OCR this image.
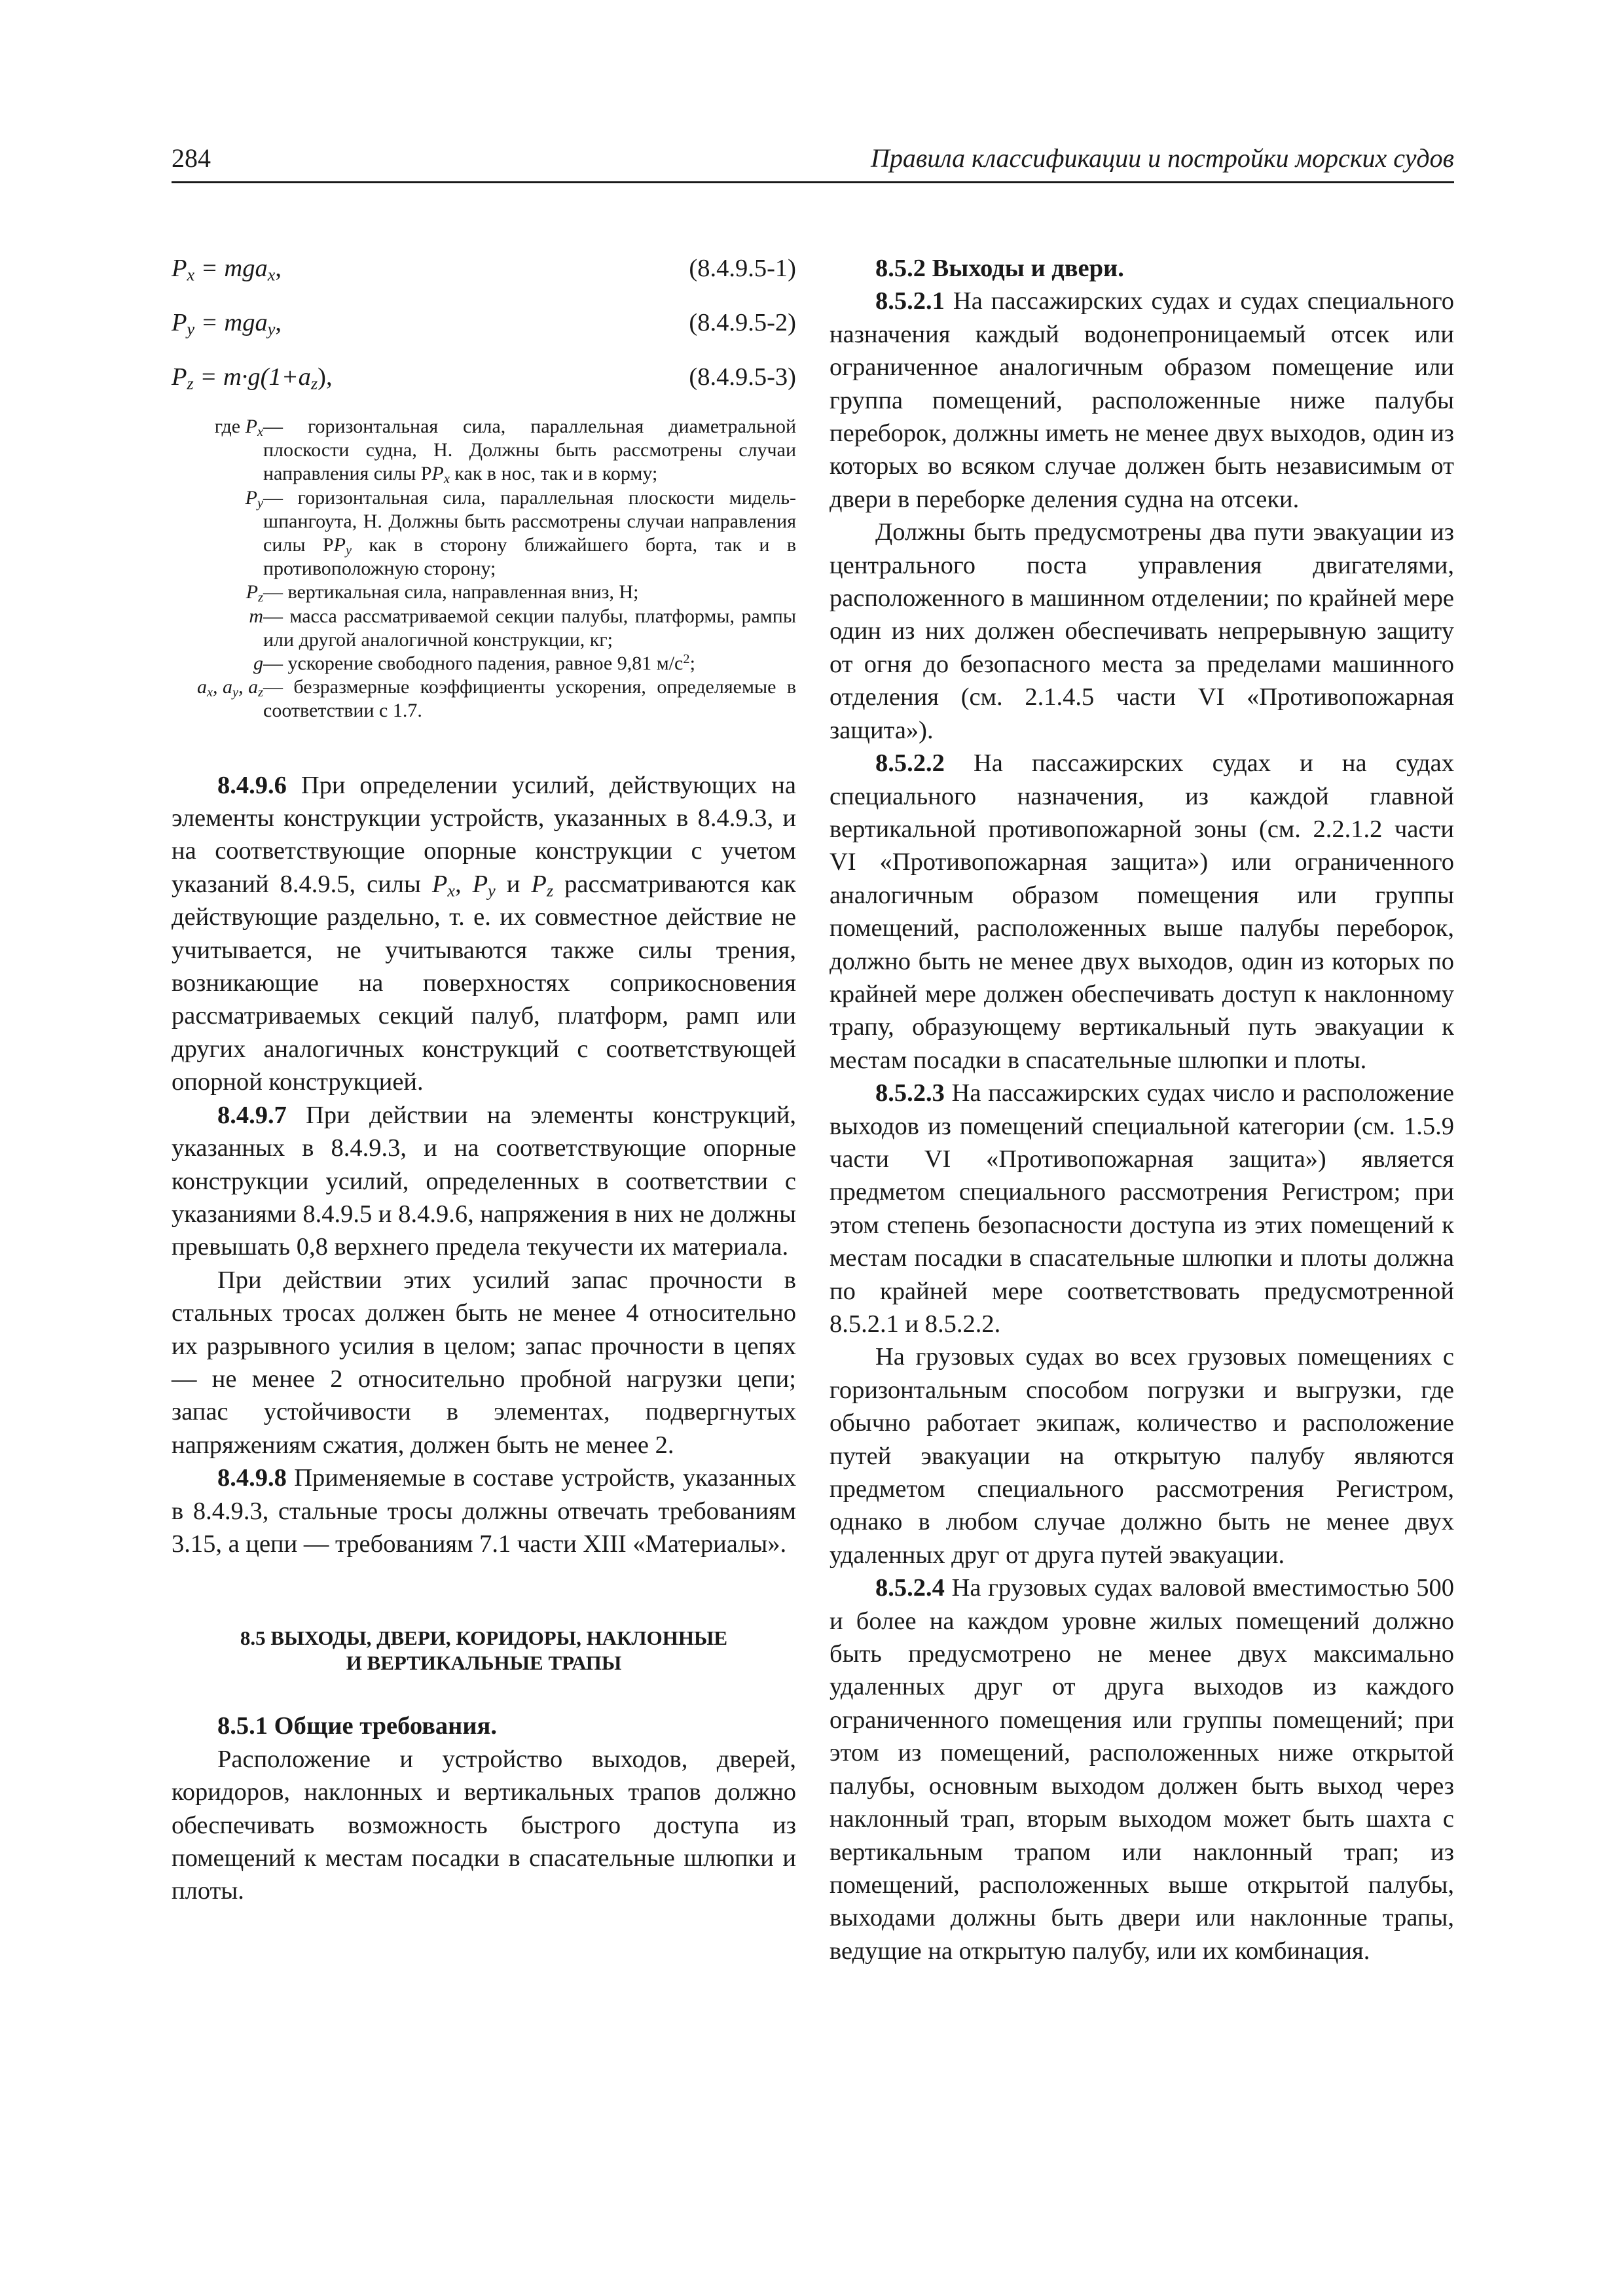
284	Правила классификации и постройки морских судов
$P_x = mga_x$,	(8.4.9.5-1)
$P_y = mga_y$,	(8.4.9.5-2)
$P_z = m\cdot g(1+a_z)$,	(8.4.9.5-3)
где $P_x$ — горизонтальная сила, параллельная диаметральной плоскости судна, Н. Должны быть рассмотрены случаи направления силы $PP_x$ как в нос, так и в корму;
$P_y$ — горизонтальная сила, параллельная плоскости мидель-шпангоута, Н. Должны быть рассмотрены случаи направления силы $PP_y$ как в сторону ближайшего борта, так и в противоположную сторону;
$P_z$ — вертикальная сила, направленная вниз, Н;
m — масса рассматриваемой секции палубы, платформы, рампы или другой аналогичной конструкции, кг;
g — ускорение свободного падения, равное 9,81 $м/с^2$;
$a_x$, $a_y$, $a_z$ — безразмерные коэффициенты ускорения, определяемые в соответствии с 1.7.

8.4.9.6 При определении усилий, действующих на элементы конструкции устройств, указанных в 8.4.9.3, и на соответствующие опорные конструкции с учетом указаний 8.4.9.5, силы $P_x$, $P_y$ и $P_z$ рассматриваются как действующие раздельно, т. е. их совместное действие не учитывается, не учитываются также силы трения, возникающие на поверхностях соприкосновения рассматриваемых секций палуб, платформ, рамп или других аналогичных конструкций с соответствующей опорной конструкцией.

8.4.9.7 При действии на элементы конструкций, указанных в 8.4.9.3, и на соответствующие опорные конструкции усилий, определенных в соответствии с указаниями 8.4.9.5 и 8.4.9.6, напряжения в них не должны превышать 0,8 верхнего предела текучести их материала.

При действии этих усилий запас прочности в стальных тросах должен быть не менее 4 относительно их разрывного усилия в целом; запас прочности в цепях — не менее 2 относительно пробной нагрузки цепи; запас устойчивости в элементах, подвергнутых напряжениям сжатия, должен быть не менее 2.

8.4.9.8 Применяемые в составе устройств, указанных в 8.4.9.3, стальные тросы должны отвечать требованиям 3.15, а цепи — требованиям 7.1 части XIII «Материалы».

8.5 ВЫХОДЫ, ДВЕРИ, КОРИДОРЫ, НАКЛОННЫЕ
И ВЕРТИКАЛЬНЫЕ ТРАПЫ
8.5.1 Общие требования.

Расположение и устройство выходов, дверей, коридоров, наклонных и вертикальных трапов должно обеспечивать возможность быстрого доступа из помещений к местам посадки в спасательные шлюпки и плоты.

8.5.2 Выходы и двери.

8.5.2.1 На пассажирских судах и судах специального назначения каждый водонепроницаемый отсек или ограниченное аналогичным образом помещение или группа помещений, расположенные ниже палубы переборок, должны иметь не менее двух выходов, один из которых во всяком случае должен быть независимым от двери в переборке деления судна на отсеки.

Должны быть предусмотрены два пути эвакуации из центрального поста управления двигателями, расположенного в машинном отделении; по крайней мере один из них должен обеспечивать непрерывную защиту от огня до безопасного места за пределами машинного отделения (см. 2.1.4.5 части VI «Противопожарная защита»).

8.5.2.2 На пассажирских судах и на судах специального назначения, из каждой главной вертикальной противопожарной зоны (см. 2.2.1.2 части VI «Противопожарная защита») или ограниченного аналогичным образом помещения или группы помещений, расположенных выше палубы переборок, должно быть не менее двух выходов, один из которых по крайней мере должен обеспечивать доступ к наклонному трапу, образующему вертикальный путь эвакуации к местам посадки в спасательные шлюпки и плоты.

8.5.2.3 На пассажирских судах число и расположение выходов из помещений специальной категории (см. 1.5.9 части VI «Противопожарная защита») является предметом специального рассмотрения Регистром; при этом степень безопасности доступа из этих помещений к местам посадки в спасательные шлюпки и плоты должна по крайней мере соответствовать предусмотренной 8.5.2.1 и 8.5.2.2.

На грузовых судах во всех грузовых помещениях с горизонтальным способом погрузки и выгрузки, где обычно работает экипаж, количество и расположение путей эвакуации на открытую палубу являются предметом специального рассмотрения Регистром, однако в любом случае должно быть не менее двух удаленных друг от друга путей эвакуации.

8.5.2.4 На грузовых судах валовой вместимостью 500 и более на каждом уровне жилых помещений должно быть предусмотрено не менее двух максимально удаленных друг от друга выходов из каждого ограниченного помещения или группы помещений; при этом из помещений, расположенных ниже открытой палубы, основным выходом должен быть выход через наклонный трап, вторым выходом может быть шахта с вертикальным трапом или наклонный трап; из помещений, расположенных выше открытой палубы, выходами должны быть двери или наклонные трапы, ведущие на открытую палубу, или их комбинация.
